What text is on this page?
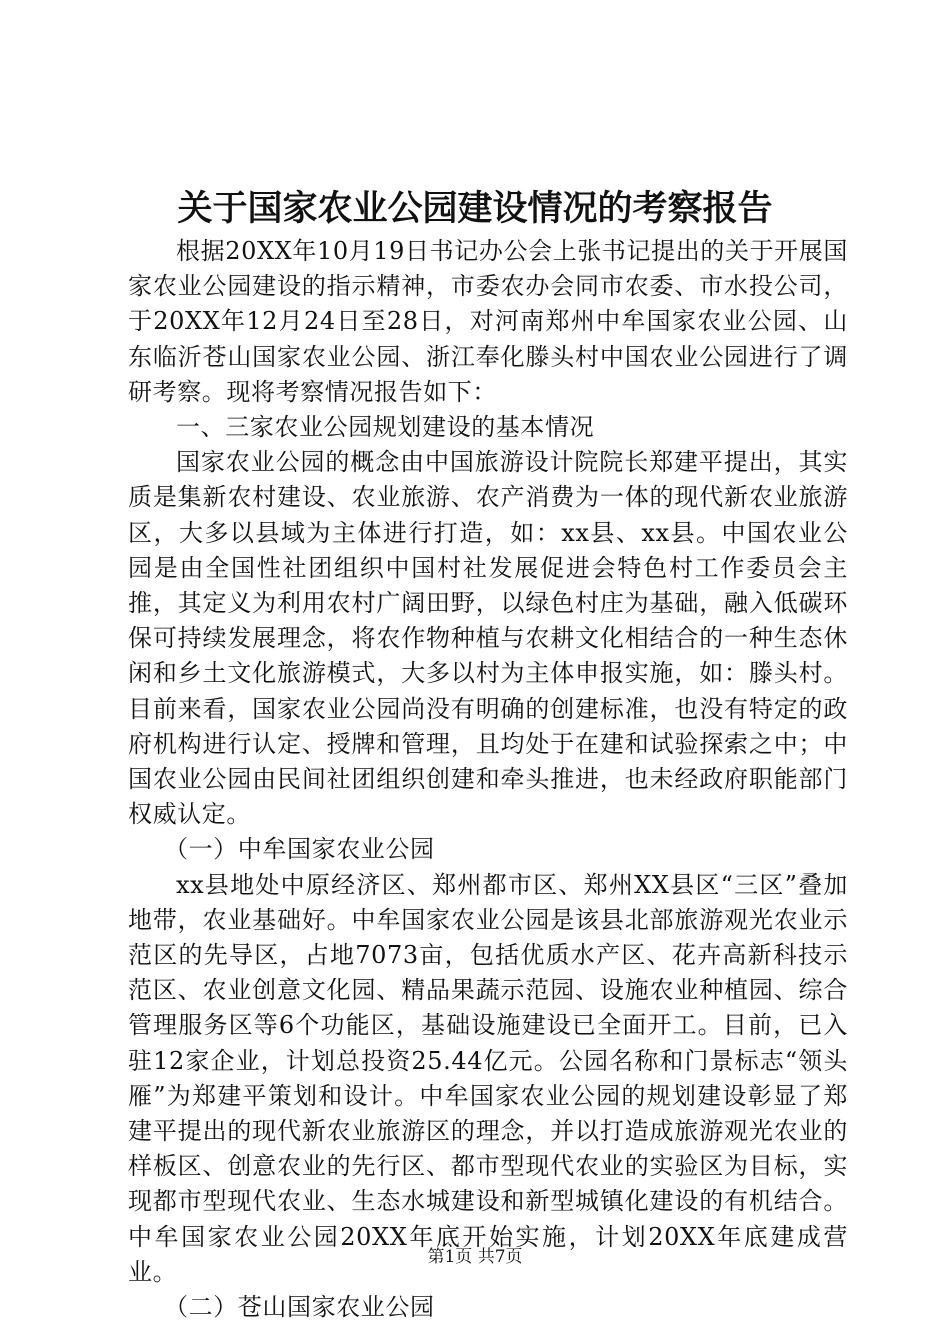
关于国家农业公园建设情况的考察报告

根据20XX年10月19日书记办公会上张书记提出的关于开展国家农业公园建设的指示精神，市委农办会同市农委、市水投公司，于20XX年12月24日至28日，对河南郑州中牟国家农业公园、山东临沂苍山国家农业公园、浙江奉化滕头村中国农业公园进行了调研考察。现将考察情况报告如下：

一、三家农业公园规划建设的基本情况

国家农业公园的概念由中国旅游设计院院长郑建平提出，其实质是集新农村建设、农业旅游、农产消费为一体的现代新农业旅游区，大多以县域为主体进行打造，如：xx县、xx县。中国农业公园是由全国性社团组织中国村社发展促进会特色村工作委员会主推，其定义为利用农村广阔田野，以绿色村庄为基础，融入低碳环保可持续发展理念，将农作物种植与农耕文化相结合的一种生态休闲和乡土文化旅游模式，大多以村为主体申报实施，如：滕头村。目前来看，国家农业公园尚没有明确的创建标准，也没有特定的政府机构进行认定、授牌和管理，且均处于在建和试验探索之中；中国农业公园由民间社团组织创建和牵头推进，也未经政府职能部门权威认定。

（一）中牟国家农业公园

xx县地处中原经济区、郑州都市区、郑州XX县区“三区”叠加地带，农业基础好。中牟国家农业公园是该县北部旅游观光农业示范区的先导区，占地7073亩，包括优质水产区、花卉高新科技示范区、农业创意文化园、精品果蔬示范园、设施农业种植园、综合管理服务区等6个功能区，基础设施建设已全面开工。目前，已入驻12家企业，计划总投资25.44亿元。公园名称和门景标志“领头雁”为郑建平策划和设计。中牟国家农业公园的规划建设彰显了郑建平提出的现代新农业旅游区的理念，并以打造成旅游观光农业的样板区、创意农业的先行区、都市型现代农业的实验区为目标，实现都市型现代农业、生态水城建设和新型城镇化建设的有机结合。中牟国家农业公园20XX年底开始实施，计划20XX年底建成营业。

（二）苍山国家农业公园

第1页 共7页
